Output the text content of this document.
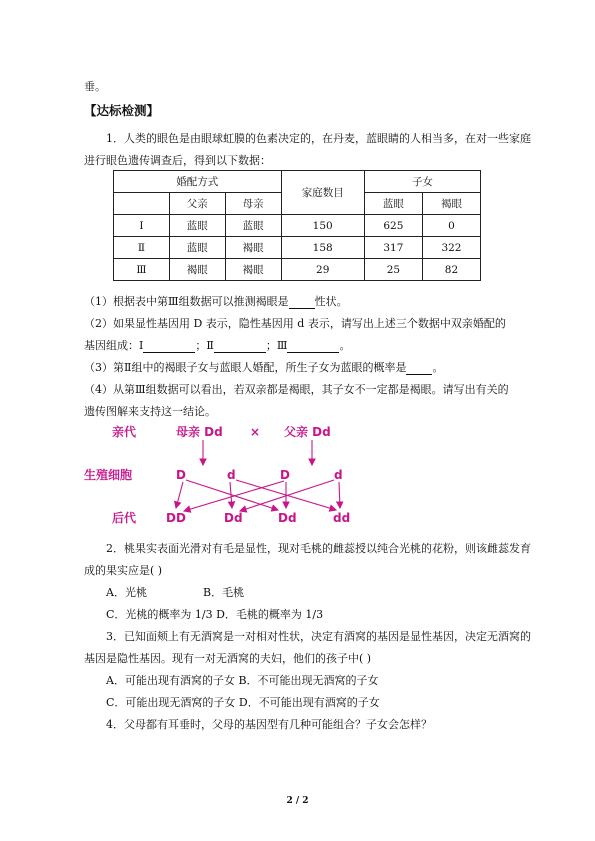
垂。
【达标检测】
1．人类的眼色是由眼球虹膜的色素决定的，在丹麦，蓝眼睛的人相当多，在对一些家庭
进行眼色遗传调查后，得到以下数据：
婚配方式			家庭数目	子女	
	父亲	母亲		蓝眼	褐眼
Ⅰ	蓝眼	蓝眼	150	625	0
Ⅱ	蓝眼	褐眼	158	317	322
Ⅲ	褐眼	褐眼	29	25	82
（1）根据表中第Ⅲ组数据可以推测褐眼是 性状。
（2）如果显性基因用 D 表示，隐性基因用 d 表示，请写出上述三个数据中双亲婚配的
基因组成：Ⅰ	；Ⅱ	；Ⅲ	。
（3）第Ⅱ组中的褐眼子女与蓝眼人婚配，所生子女为蓝眼的概率是 。
（4）从第Ⅲ组数据可以看出，若双亲都是褐眼，其子女不一定都是褐眼。请写出有关的
遗传图解来支持这一结论。
亲代	母亲 Dd × 父亲 Dd
生殖细胞	D	d	D	d
后代 DD	Dd	Dd	dd
2．桃果实表面光滑对有毛是显性，现对毛桃的雌蕊授以纯合光桃的花粉，则该雌蕊发育
成的果实应是( )
A．光桃	B．毛桃
C．光桃的概率为 1/3 D．毛桃的概率为 1/3
3．已知面颊上有无酒窝是一对相对性状，决定有酒窝的基因是显性基因，决定无酒窝的
基因是隐性基因。现有一对无酒窝的夫妇，他们的孩子中( )
A．可能出现有酒窝的子女 B．不可能出现无酒窝的子女
C．可能出现无酒窝的子女 D．不可能出现有酒窝的子女
4．父母都有耳垂时，父母的基因型有几种可能组合？子女会怎样？
2 / 2
